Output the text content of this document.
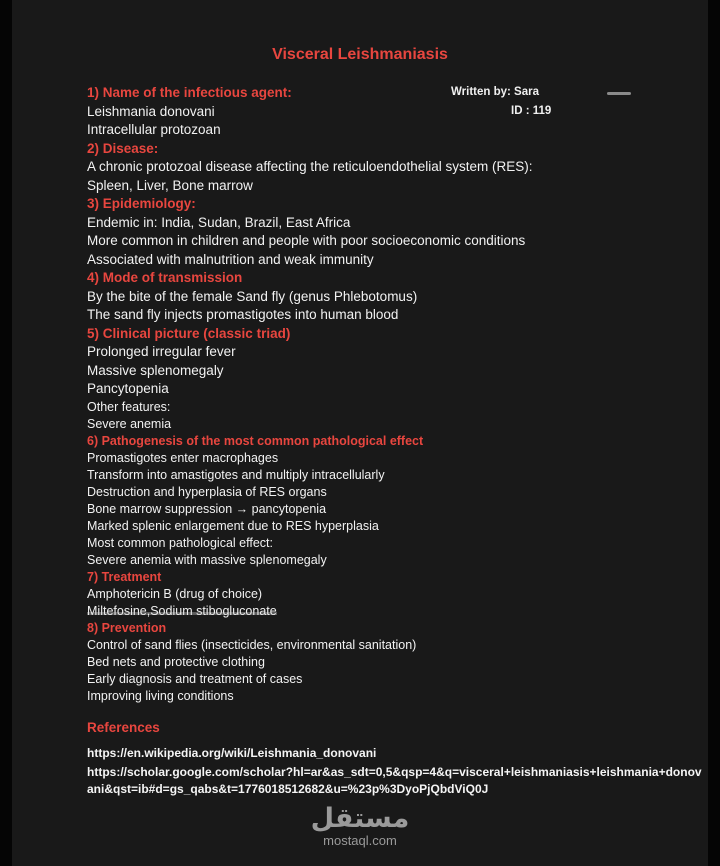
Visceral Leishmaniasis
Written by: Sara
ID : 119

1) Name of the infectious agent:

Leishmania donovani

Intracellular protozoan

2) Disease:

A chronic protozoal disease affecting the reticuloendothelial system (RES):

Spleen, Liver, Bone marrow

3) Epidemiology:

Endemic in: India, Sudan, Brazil, East Africa

More common in children and people with poor socioeconomic conditions

Associated with malnutrition and weak immunity

4) Mode of transmission

By the bite of the female Sand fly (genus Phlebotomus)

The sand fly injects promastigotes into human blood

5) Clinical picture (classic triad)

Prolonged irregular fever

Massive splenomegaly

Pancytopenia

Other features:

Severe anemia

6) Pathogenesis of the most common pathological effect

Promastigotes enter macrophages

Transform into amastigotes and multiply intracellularly

Destruction and hyperplasia of RES organs

Bone marrow suppression → pancytopenia

Marked splenic enlargement due to RES hyperplasia

Most common pathological effect:

Severe anemia with massive splenomegaly

7) Treatment

Amphotericin B (drug of choice)

Miltefosine,Sodium stibogluconate

8) Prevention

Control of sand flies (insecticides, environmental sanitation)

Bed nets and protective clothing

Early diagnosis and treatment of cases

Improving living conditions

References

https://en.wikipedia.org/wiki/Leishmania_donovani

https://scholar.google.com/scholar?hl=ar&as_sdt=0,5&qsp=4&q=visceral+leishmaniasis+leishmania+donovani&qst=ib#d=gs_qabs&t=1776018512682&u=%23p%3DyoPjQbdViQ0J

مستقل
mostaql.com
